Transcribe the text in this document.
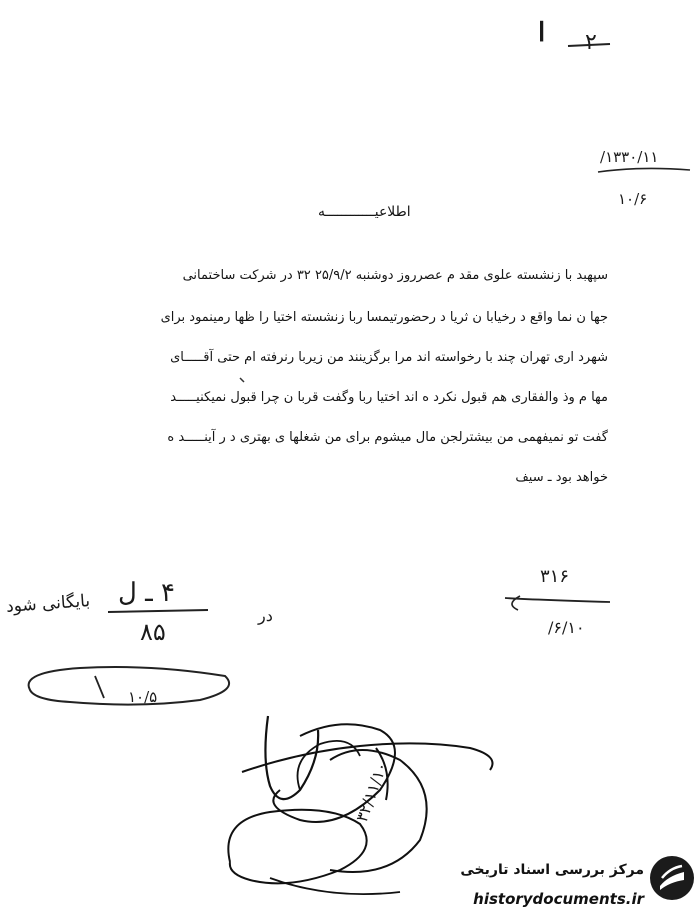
۲
ا
۱۳۳۰/۱۱/
۱۰/۶
اطلاعیــــــــــــه
سپهبد با زنشسته علوی مقد م عصرروز دوشنبه ۲۵/۹/۲ ۳۲ در شرکت ساختمانی
جها ن نما واقع د رخیابا ن ثریا د رحضورتیمسا ربا زنشسته اختیا را ظها رمینمود برای
شهرد اری تهران چند با رخواسته اند مرا برگزینند من زیربا رنرفته ام حتی آقـــــای
مها م وذ والفقاری هم قبول نکرد ه اند اختیا ربا وگفت قربا ن چرا قبول نمیکنیـــــد
گفت تو نمیفهمی من بیشترلجن مال میشوم برای من شغلها ی بهتری د ر آینـــــد ه
خواهد بود ـ سیف
۴ ـ ل
۸۵
بایگانی شود	در
۱۰/۵
۳۱۶
۶/۱۰/
۳۲/۱۱/۱۰
مرکز بررسی اسناد تاریخی
historydocuments.ir
